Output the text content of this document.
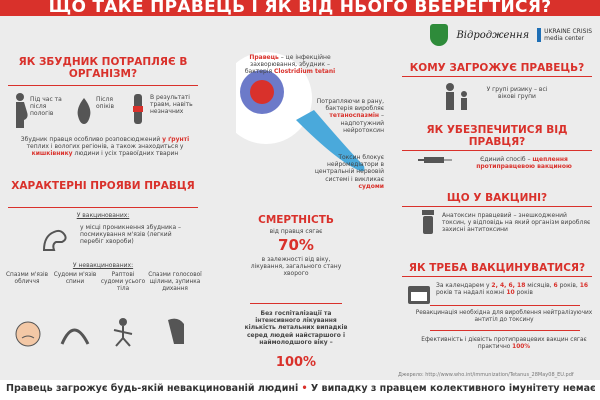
ЩО ТАКЕ ПРАВЕЦЬ І ЯК ВІД НЬОГО ВБЕРЕГТИСЯ?
Відродження	UKRAINE CRISIS
media center
ЯК ЗБУДНИК ПОТРАПЛЯЄ В ОРГАНІЗМ?
Під час та після пологів
Після опіків
В результаті травм, навіть незначних
Збудник правця особливо розповсюджений у ґрунті теплих і вологих регіонів, а також знаходиться у кишківнику людини і усіх травоїдних тварин
ХАРАКТЕРНІ ПРОЯВИ ПРАВЦЯ
У вакцинованих:
у місці проникнення збудника – посмикування м'язів (легкий перебіг хвороби)
У невакцинованих:
Спазми м'язів обличчя
Судоми м'язів спини
Раптові судоми усього тіла
Спазми голосової щілини, зупинка дихання
Правець – це інфекційне захворювання, збудник – бактерія Clostridium tetani
Потрапляючи в рану, бактерія виробляє тетаноспазмін – надпотужний нейротоксин
Токсин блокує нейромедіатори в центральній нервовій системі і викликає судоми
СМЕРТНІСТЬ
від правця сягає
70%
в залежності від віку, лікування, загального стану хворого
Без госпіталізації та інтенсивного лікування кількість летальних випадків серед людей найстаршого і наймолодшого віку –
100%
КОМУ ЗАГРОЖУЄ ПРАВЕЦЬ?
У групі ризику – всі вікові групи
ЯК УБЕЗПЕЧИТИСЯ ВІД ПРАВЦЯ?
Єдиний спосіб – щеплення протиправцевою вакциною
ЩО У ВАКЦИНІ?
Анатоксин правцевий – знешкоджений токсин, у відповідь на який організм виробляє захисні антитоксини
ЯК ТРЕБА ВАКЦИНУВАТИСЯ?
За календарем у 2, 4, 6, 18 місяців, 6 років, 16 років та надалі кожні 10 років
Ревакцинація необхідна для вироблення нейтралізуючих антитіл до токсину
Ефективність і дієвість протиправцевих вакцин сягає практично 100%
Джерело: http://www.who.int/immunization/Tetanus_28May08_EU.pdf
Правець загрожує будь-якій невакцинованій людині • У випадку з правцем колективного імунітету немає
